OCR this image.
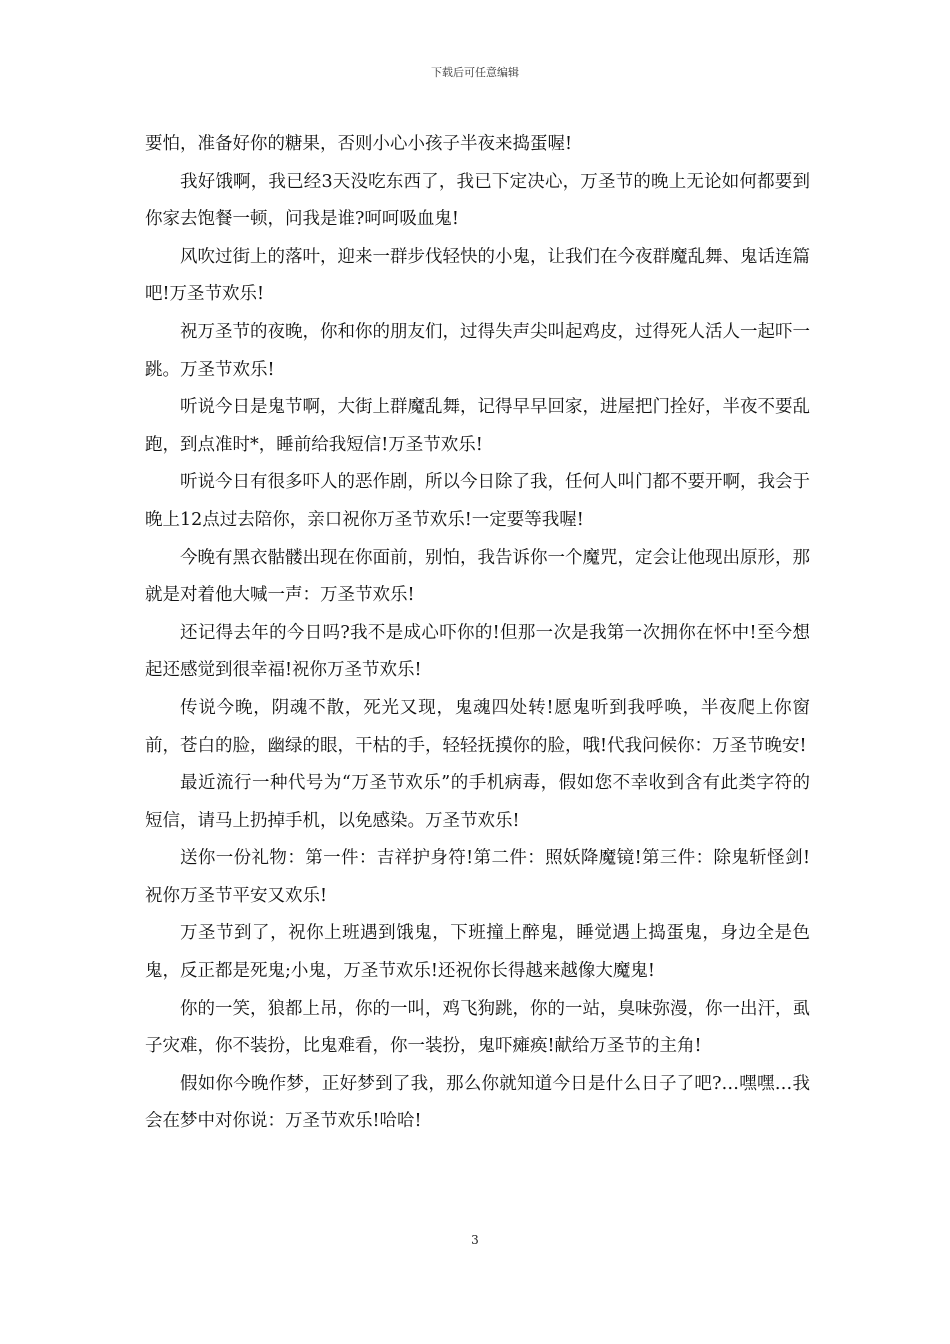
下载后可任意编辑

要怕，准备好你的糖果，否则小心小孩子半夜来捣蛋喔!

我好饿啊，我已经3天没吃东西了，我已下定决心，万圣节的晚上无论如何都要到你家去饱餐一顿，问我是谁?呵呵吸血鬼!

风吹过街上的落叶，迎来一群步伐轻快的小鬼，让我们在今夜群魔乱舞、鬼话连篇吧!万圣节欢乐!

祝万圣节的夜晚，你和你的朋友们，过得失声尖叫起鸡皮，过得死人活人一起吓一跳。万圣节欢乐!

听说今日是鬼节啊，大街上群魔乱舞，记得早早回家，进屋把门拴好，半夜不要乱跑，到点准时*，睡前给我短信!万圣节欢乐!

听说今日有很多吓人的恶作剧，所以今日除了我，任何人叫门都不要开啊，我会于晚上12点过去陪你，亲口祝你万圣节欢乐!一定要等我喔!

今晚有黑衣骷髅出现在你面前，别怕，我告诉你一个魔咒，定会让他现出原形，那就是对着他大喊一声：万圣节欢乐!

还记得去年的今日吗?我不是成心吓你的!但那一次是我第一次拥你在怀中!至今想起还感觉到很幸福!祝你万圣节欢乐!

传说今晚，阴魂不散，死光又现，鬼魂四处转!愿鬼听到我呼唤，半夜爬上你窗前，苍白的脸，幽绿的眼，干枯的手，轻轻抚摸你的脸，哦!代我问候你：万圣节晚安!

最近流行一种代号为“万圣节欢乐”的手机病毒，假如您不幸收到含有此类字符的短信，请马上扔掉手机，以免感染。万圣节欢乐!

送你一份礼物：第一件：吉祥护身符!第二件：照妖降魔镜!第三件：除鬼斩怪剑!祝你万圣节平安又欢乐!

万圣节到了，祝你上班遇到饿鬼，下班撞上醉鬼，睡觉遇上捣蛋鬼，身边全是色鬼，反正都是死鬼;小鬼，万圣节欢乐!还祝你长得越来越像大魔鬼!

你的一笑，狼都上吊，你的一叫，鸡飞狗跳，你的一站，臭味弥漫，你一出汗，虱子灾难，你不装扮，比鬼难看，你一装扮，鬼吓瘫痪!献给万圣节的主角!

假如你今晚作梦，正好梦到了我，那么你就知道今日是什么日子了吧?…嘿嘿…我会在梦中对你说：万圣节欢乐!哈哈!

3
